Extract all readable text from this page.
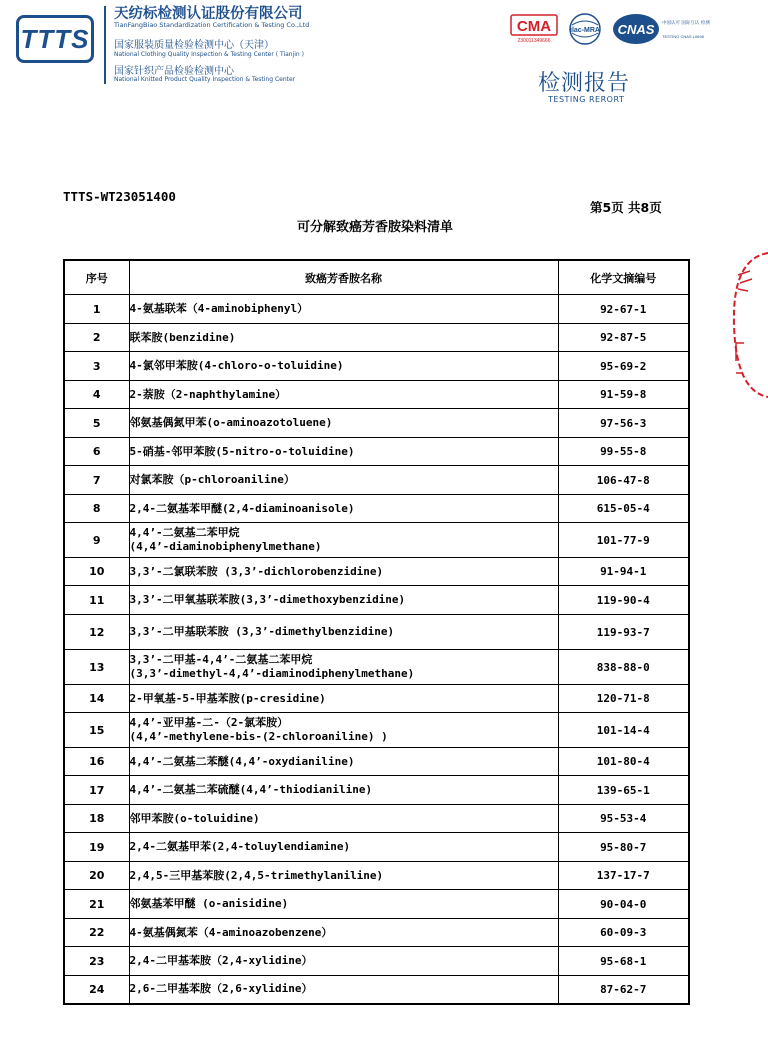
TTTS
天纺标检测认证股份有限公司
TianFangBiao Standardization Certification & Testing Co.,Ltd
国家服装质量检验检测中心（天津）
National Clothing Quality Inspection & Testing Center ( Tianjin )
国家针织产品检验检测中心
National Knitted Product Quality Inspection & Testing Center
CMA
230011349666
ilac-MRA CNAS 中国认可 国际互认 检测
TESTING CNAS L0698
检测报告
TESTING RERORT
TTTS-WT23051400
第5页 共8页
可分解致癌芳香胺染料清单
序号	致癌芳香胺名称	化学文摘编号
1	4-氨基联苯（4-aminobiphenyl）	92-67-1
2	联苯胺(benzidine)	92-87-5
3	4-氯邻甲苯胺(4-chloro-o-toluidine)	95-69-2
4	2-萘胺（2-naphthylamine）	91-59-8
5	邻氨基偶氮甲苯(o-aminoazotoluene)	97-56-3
6	5-硝基-邻甲苯胺(5-nitro-o-toluidine)	99-55-8
7	对氯苯胺（p-chloroaniline）	106-47-8
8	2,4-二氨基苯甲醚(2,4-diaminoanisole)	615-05-4
9	4,4’-二氨基二苯甲烷
(4,4’-diaminobiphenylmethane)	101-77-9
10	3,3’-二氯联苯胺 (3,3’-dichlorobenzidine)	91-94-1
11	3,3’-二甲氧基联苯胺(3,3’-dimethoxybenzidine)	119-90-4
12	3,3’-二甲基联苯胺 (3,3’-dimethylbenzidine)	119-93-7
13	3,3’-二甲基-4,4’-二氨基二苯甲烷
(3,3’-dimethyl-4,4’-diaminodiphenylmethane)	838-88-0
14	2-甲氧基-5-甲基苯胺(p-cresidine)	120-71-8
15	4,4’-亚甲基-二-（2-氯苯胺）
(4,4’-methylene-bis-(2-chloroaniline) )	101-14-4
16	4,4’-二氨基二苯醚(4,4’-oxydianiline)	101-80-4
17	4,4’-二氨基二苯硫醚(4,4’-thiodianiline)	139-65-1
18	邻甲苯胺(o-toluidine)	95-53-4
19	2,4-二氨基甲苯(2,4-toluylendiamine)	95-80-7
20	2,4,5-三甲基苯胺(2,4,5-trimethylaniline)	137-17-7
21	邻氨基苯甲醚 (o-anisidine)	90-04-0
22	4-氨基偶氮苯（4-aminoazobenzene）	60-09-3
23	2,4-二甲基苯胺（2,4-xylidine）	95-68-1
24	2,6-二甲基苯胺（2,6-xylidine）	87-62-7
